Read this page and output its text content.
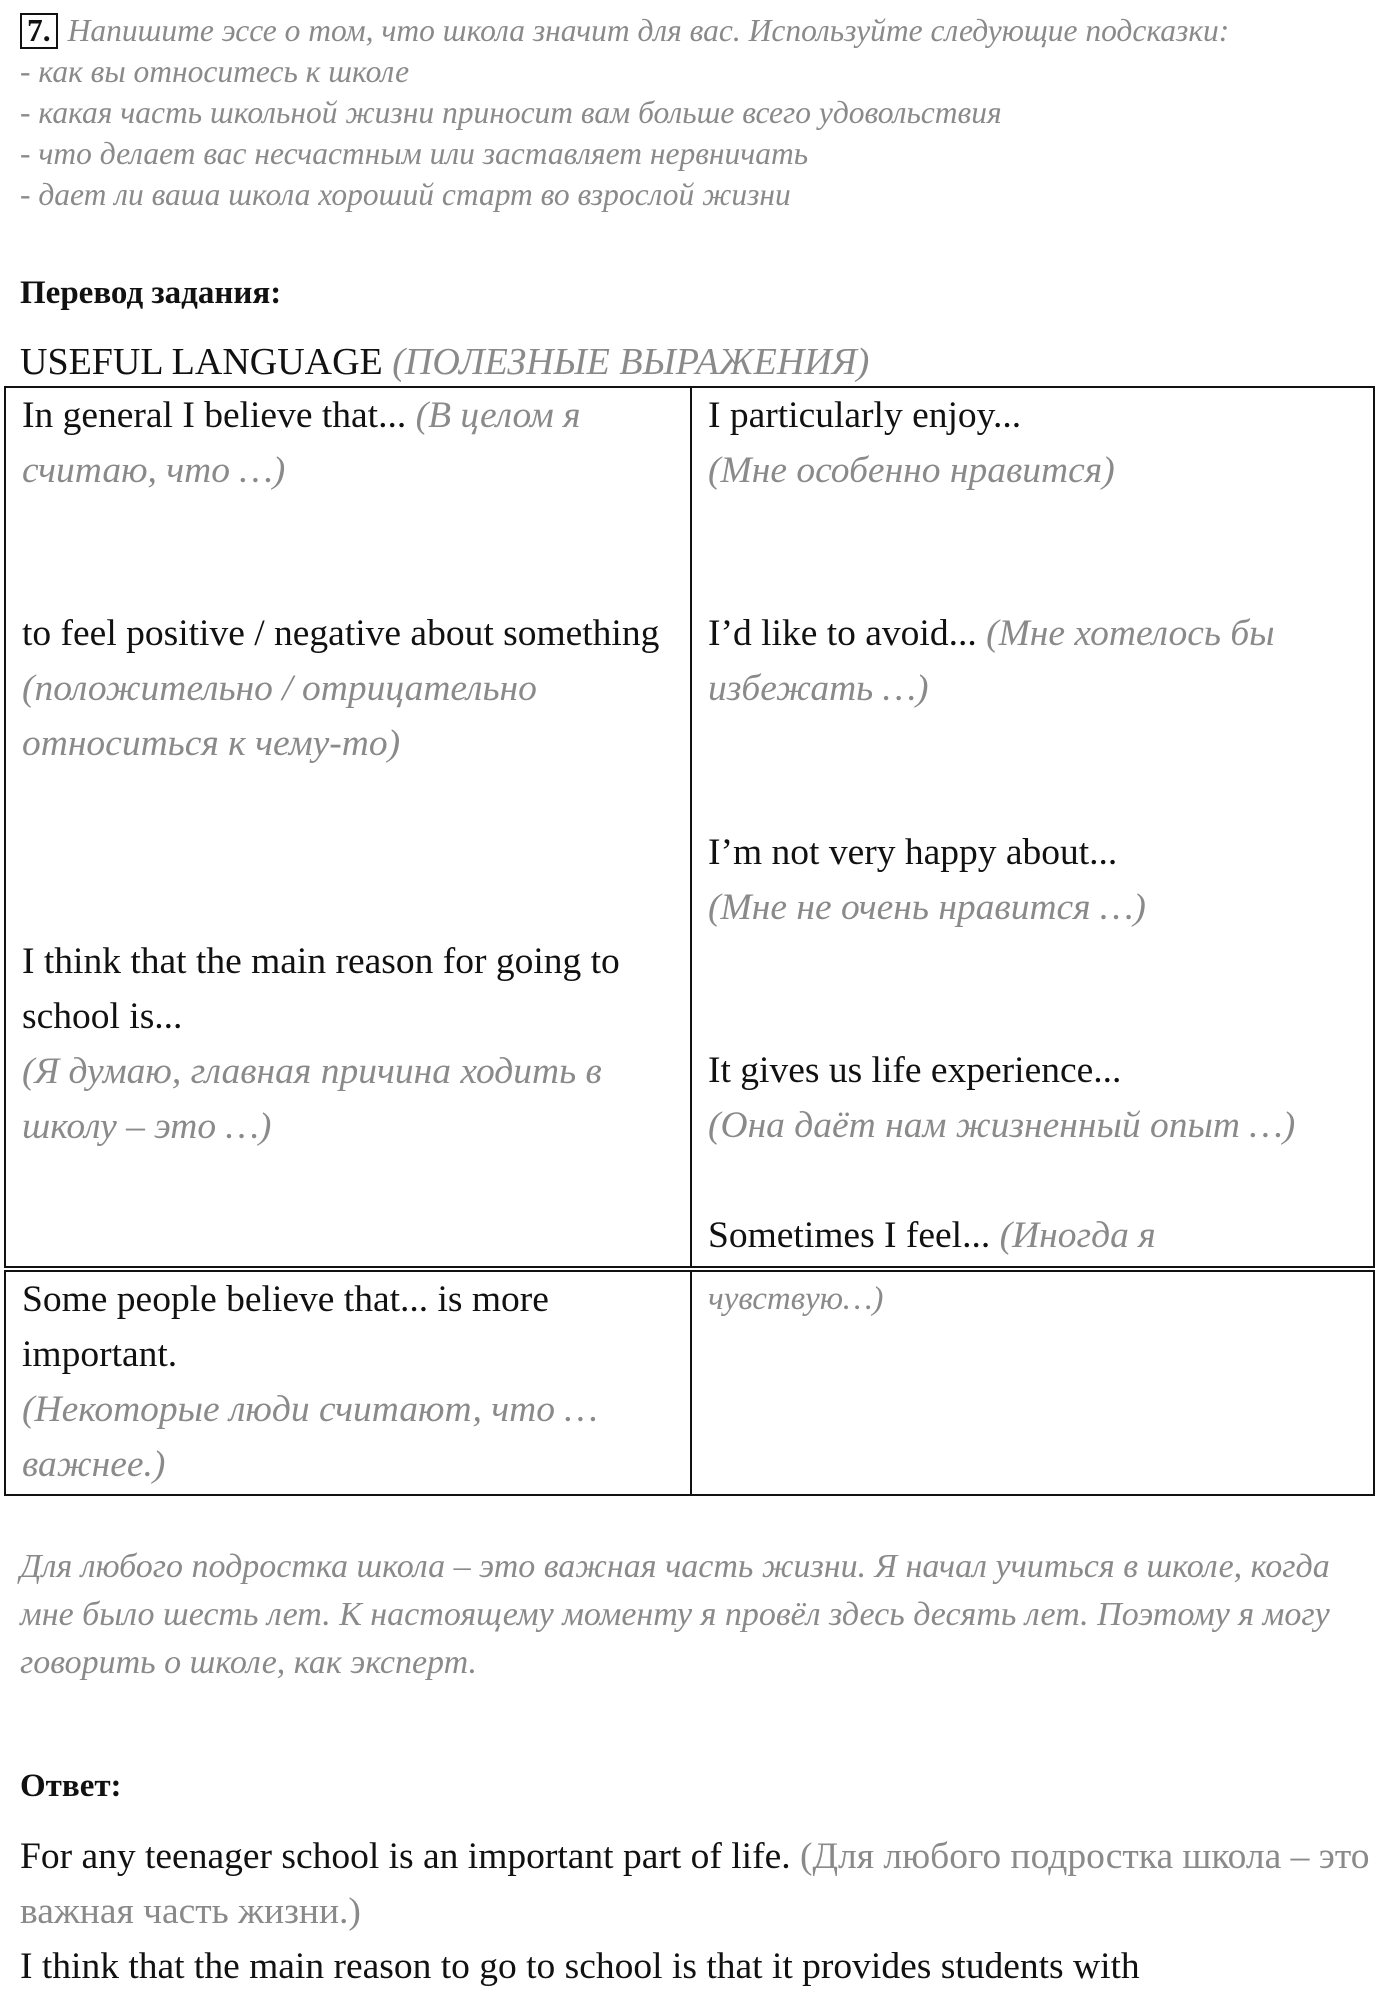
7. Напишите эссе о том, что школа значит для вас. Используйте следующие подсказки:
- как вы относитесь к школе
- какая часть школьной жизни приносит вам больше всего удовольствия
- что делает вас несчастным или заставляет нервничать
- дает ли ваша школа хороший старт во взрослой жизни
Перевод задания:
USEFUL LANGUAGE (ПОЛЕЗНЫЕ ВЫРАЖЕНИЯ)
In general I believe that... (В целом я считаю, что …)
to feel positive / negative about something (положительно / отрицательно относиться к чему-то)
I think that the main reason for going to school is...
(Я думаю, главная причина ходить в школу – это …)
I particularly enjoy...
(Мне особенно нравится)
I’d like to avoid... (Мне хотелось бы избежать …)
I’m not very happy about...
(Мне не очень нравится …)
It gives us life experience...
(Она даёт нам жизненный опыт …)
Sometimes I feel... (Иногда я
Some people believe that... is more important.
(Некоторые люди считают, что … важнее.)
чувствую…)
Для любого подростка школа – это важная часть жизни. Я начал учиться в школе, когда мне было шесть лет. К настоящему моменту я провёл здесь десять лет. Поэтому я могу говорить о школе, как эксперт.
Ответ:
For any teenager school is an important part of life. (Для любого подростка школа – это важная часть жизни.)
I think that the main reason to go to school is that it provides students with
